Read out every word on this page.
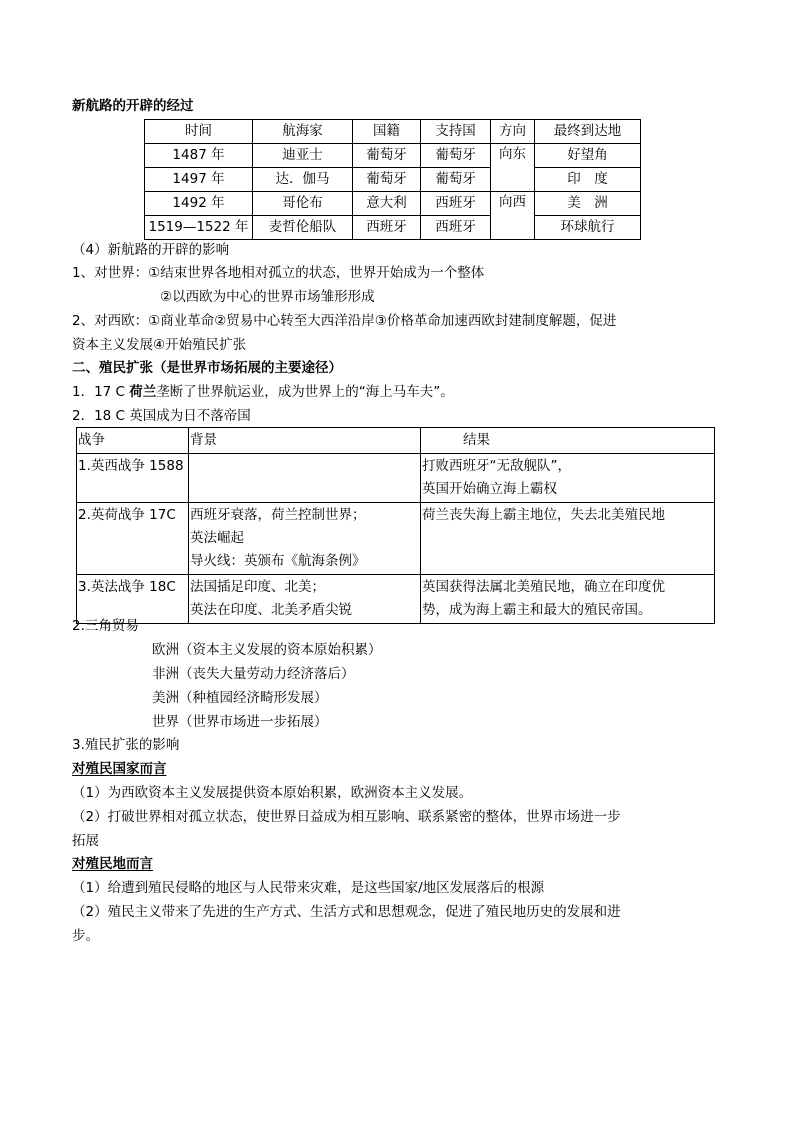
新航路的开辟的经过
时间	航海家	国籍	支持国	方向	最终到达地
1487 年	迪亚士	葡萄牙	葡萄牙	向东	好望角
1497 年	达．伽马	葡萄牙	葡萄牙		印　度
1492 年	哥伦布	意大利	西班牙	向西	美　洲
1519—1522 年	麦哲伦船队	西班牙	西班牙		环球航行
（4）新航路的开辟的影响
1、对世界：①结束世界各地相对孤立的状态，世界开始成为一个整体
②以西欧为中心的世界市场雏形形成
2、对西欧：①商业革命②贸易中心转至大西洋沿岸③价格革命加速西欧封建制度解题，促进
资本主义发展④开始殖民扩张
二、殖民扩张（是世界市场拓展的主要途径）
1．17 C 荷兰垄断了世界航运业，成为世界上的“海上马车夫”。
2．18 C 英国成为日不落帝国
战争	背景	结果
1.英西战争 1588		打败西班牙“无敌舰队”，
英国开始确立海上霸权

2.英荷战争 17C	西班牙衰落，荷兰控制世界；
英法崛起
导火线：英颁布《航海条例》	荷兰丧失海上霸主地位，失去北美殖民地

3.英法战争 18C	法国插足印度、北美；
英法在印度、北美矛盾尖锐	英国获得法属北美殖民地，确立在印度优
势，成为海上霸主和最大的殖民帝国。
2.三角贸易
欧洲（资本主义发展的资本原始积累）
非洲（丧失大量劳动力经济落后）
美洲（种植园经济畸形发展）
世界（世界市场进一步拓展）
3.殖民扩张的影响
对殖民国家而言
（1）为西欧资本主义发展提供资本原始积累，欧洲资本主义发展。
（2）打破世界相对孤立状态，使世界日益成为相互影响、联系紧密的整体，世界市场进一步
拓展
对殖民地而言
（1）给遭到殖民侵略的地区与人民带来灾难，是这些国家/地区发展落后的根源
（2）殖民主义带来了先进的生产方式、生活方式和思想观念，促进了殖民地历史的发展和进
步。
